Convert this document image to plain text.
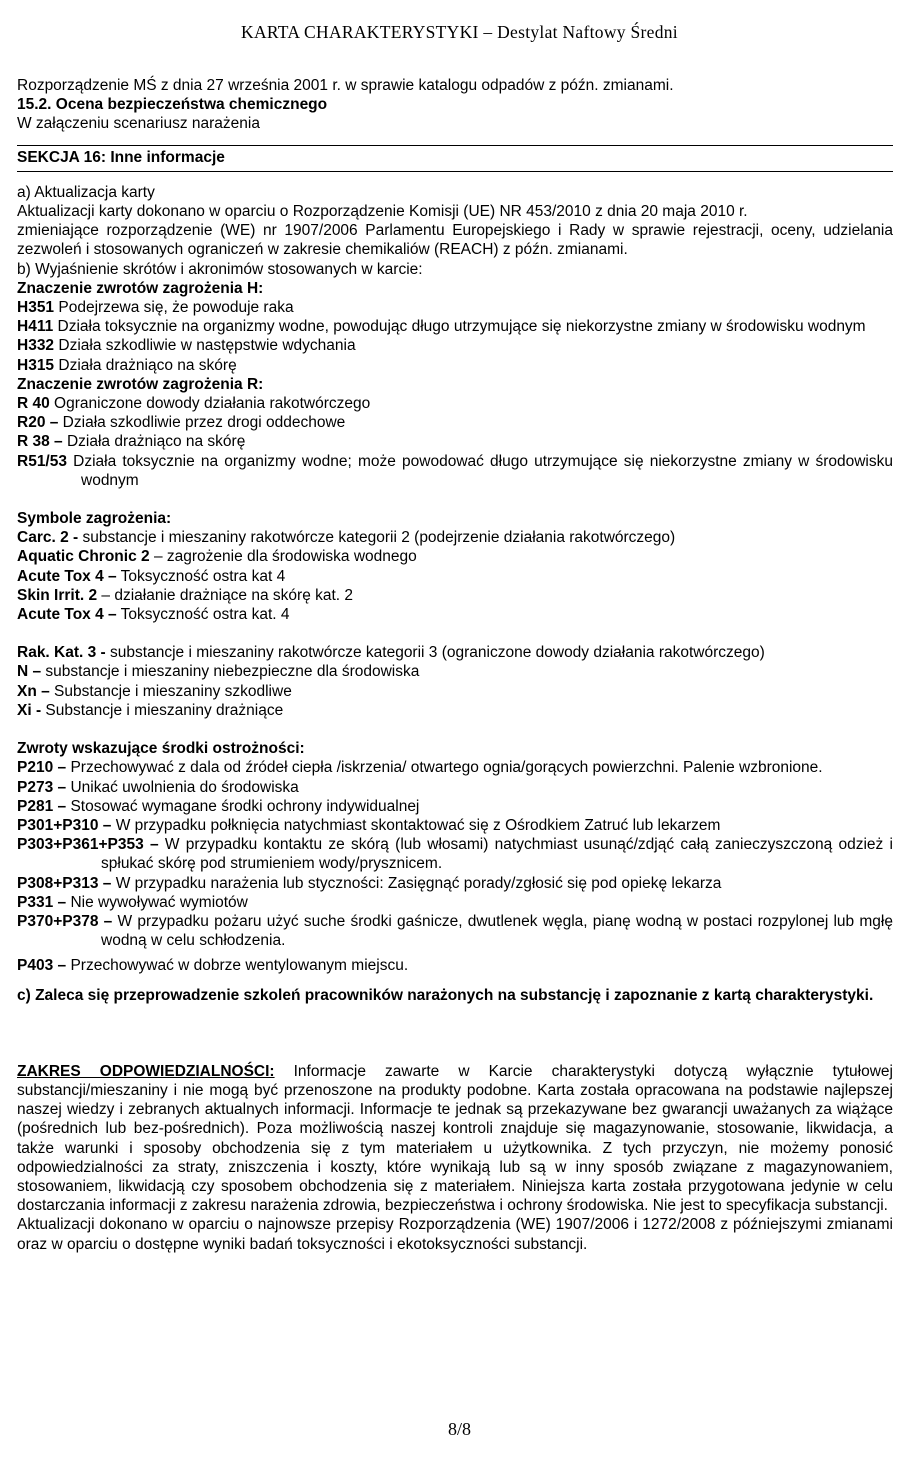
KARTA CHARAKTERYSTYKI – Destylat Naftowy Średni
Rozporządzenie MŚ z dnia 27 września 2001 r. w sprawie katalogu odpadów z późn. zmianami.
15.2. Ocena bezpieczeństwa chemicznego
W załączeniu scenariusz narażenia
SEKCJA 16: Inne informacje
a) Aktualizacja karty
Aktualizacji karty dokonano w oparciu o Rozporządzenie Komisji (UE) NR 453/2010 z dnia 20 maja 2010 r.
zmieniające rozporządzenie (WE) nr 1907/2006 Parlamentu Europejskiego i Rady w sprawie rejestracji, oceny, udzielania zezwoleń i stosowanych ograniczeń w zakresie chemikaliów (REACH) z późn. zmianami.
b) Wyjaśnienie skrótów i akronimów stosowanych w karcie:
Znaczenie zwrotów zagrożenia H:
H351 Podejrzewa się, że powoduje raka
H411 Działa toksycznie na organizmy wodne, powodując długo utrzymujące się niekorzystne zmiany w środowisku wodnym
H332 Działa szkodliwie w następstwie wdychania
H315 Działa drażniąco na skórę
Znaczenie zwrotów zagrożenia R:
R 40 Ograniczone dowody działania rakotwórczego
R20 – Działa szkodliwie przez drogi oddechowe
R 38 – Działa drażniąco na skórę
R51/53 Działa toksycznie na organizmy wodne; może powodować długo utrzymujące się niekorzystne zmiany w środowisku wodnym
Symbole zagrożenia:
Carc. 2 - substancje i mieszaniny rakotwórcze kategorii 2 (podejrzenie działania rakotwórczego)
Aquatic Chronic 2 – zagrożenie dla środowiska wodnego
Acute Tox 4 – Toksyczność ostra kat 4
Skin Irrit. 2 – działanie drażniące na skórę kat. 2
Acute Tox 4 – Toksyczność ostra kat. 4
Rak. Kat. 3 - substancje i mieszaniny rakotwórcze kategorii 3 (ograniczone dowody działania rakotwórczego)
N – substancje i mieszaniny niebezpieczne dla środowiska
Xn – Substancje i mieszaniny szkodliwe
Xi - Substancje i mieszaniny drażniące
Zwroty wskazujące środki ostrożności:
P210 – Przechowywać z dala od źródeł ciepła /iskrzenia/ otwartego ognia/gorących powierzchni. Palenie wzbronione.
P273 – Unikać uwolnienia do środowiska
P281 – Stosować wymagane środki ochrony indywidualnej
P301+P310 – W przypadku połknięcia natychmiast skontaktować się z Ośrodkiem Zatruć lub lekarzem
P303+P361+P353 – W przypadku kontaktu ze skórą (lub włosami) natychmiast usunąć/zdjąć całą zanieczyszczoną odzież i spłukać skórę pod strumieniem wody/prysznicem.
P308+P313 – W przypadku narażenia lub styczności: Zasięgnąć porady/zgłosić się pod opiekę lekarza
P331 – Nie wywoływać wymiotów
P370+P378 – W przypadku pożaru użyć suche środki gaśnicze, dwutlenek węgla, pianę wodną w postaci rozpylonej lub mgłę wodną w celu schłodzenia.
P403 – Przechowywać w dobrze wentylowanym miejscu.
c) Zaleca się przeprowadzenie szkoleń pracowników narażonych na substancję i zapoznanie z kartą charakterystyki.
ZAKRES ODPOWIEDZIALNOŚCI: Informacje zawarte w Karcie charakterystyki dotyczą wyłącznie tytułowej substancji/mieszaniny i nie mogą być przenoszone na produkty podobne. Karta została opracowana na podstawie najlepszej naszej wiedzy i zebranych aktualnych informacji. Informacje te jednak są przekazywane bez gwarancji uważanych za wiążące (pośrednich lub bez-pośrednich). Poza możliwością naszej kontroli znajduje się magazynowanie, stosowanie, likwidacja, a także warunki i sposoby obchodzenia się z tym materiałem u użytkownika. Z tych przyczyn, nie możemy ponosić odpowiedzialności za straty, zniszczenia i koszty, które wynikają lub są w inny sposób związane z magazynowaniem, stosowaniem, likwidacją czy sposobem obchodzenia się z materiałem. Niniejsza karta została przygotowana jedynie w celu dostarczania informacji z zakresu narażenia zdrowia, bezpieczeństwa i ochrony środowiska. Nie jest to specyfikacja substancji.
Aktualizacji dokonano w oparciu o najnowsze przepisy Rozporządzenia (WE) 1907/2006 i 1272/2008 z późniejszymi zmianami oraz w oparciu o dostępne wyniki badań toksyczności i ekotoksyczności substancji.
8/8
